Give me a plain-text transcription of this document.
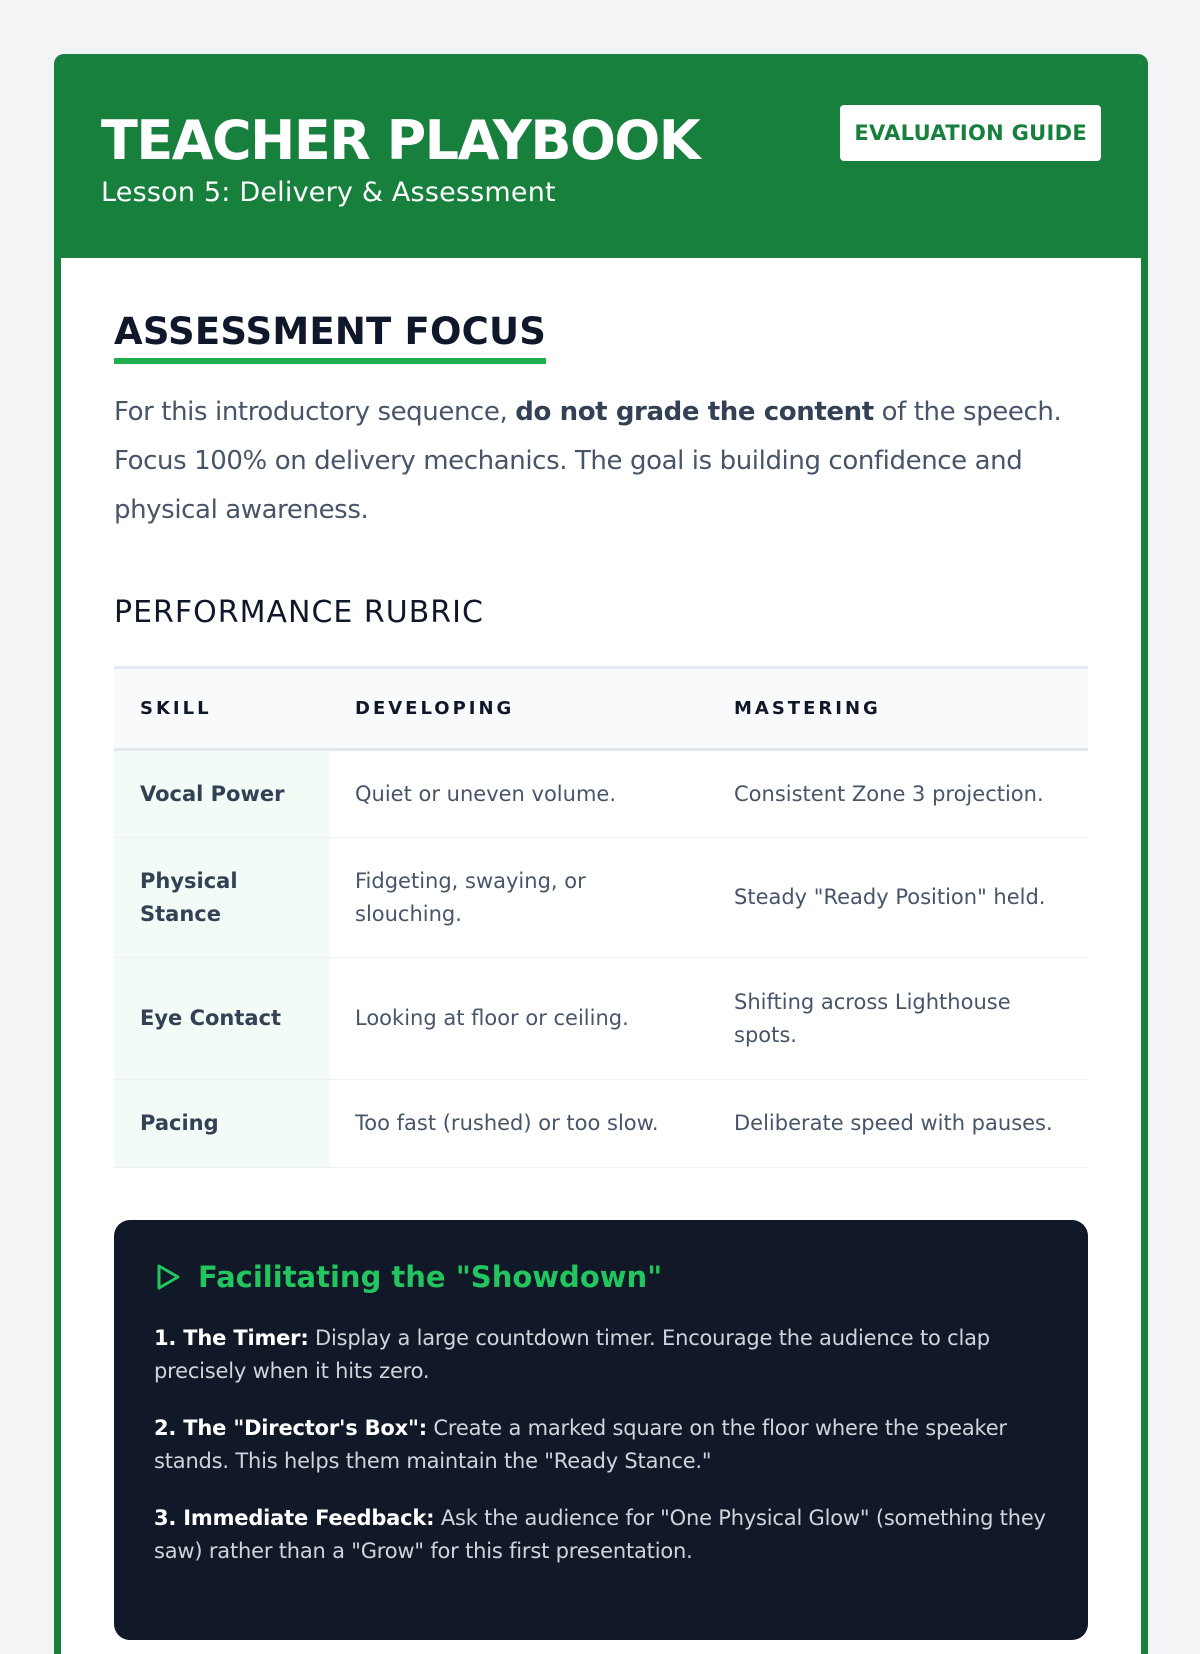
TEACHER PLAYBOOK
Lesson 5: Delivery & Assessment
EVALUATION GUIDE
ASSESSMENT FOCUS

For this introductory sequence, do not grade the content of the speech. Focus 100% on delivery mechanics. The goal is building confidence and physical awareness.

PERFORMANCE RUBRIC
SKILL	DEVELOPING	MASTERING
Vocal Power	Quiet or uneven volume.	Consistent Zone 3 projection.
Physical Stance	Fidgeting, swaying, or slouching.	Steady "Ready Position" held.
Eye Contact	Looking at floor or ceiling.	Shifting across Lighthouse spots.
Pacing	Too fast (rushed) or too slow.	Deliberate speed with pauses.
Facilitating the "Showdown"

1. The Timer: Display a large countdown timer. Encourage the audience to clap precisely when it hits zero.

2. The "Director's Box": Create a marked square on the floor where the speaker stands. This helps them maintain the "Ready Stance."

3. Immediate Feedback: Ask the audience for "One Physical Glow" (something they saw) rather than a "Grow" for this first presentation.
